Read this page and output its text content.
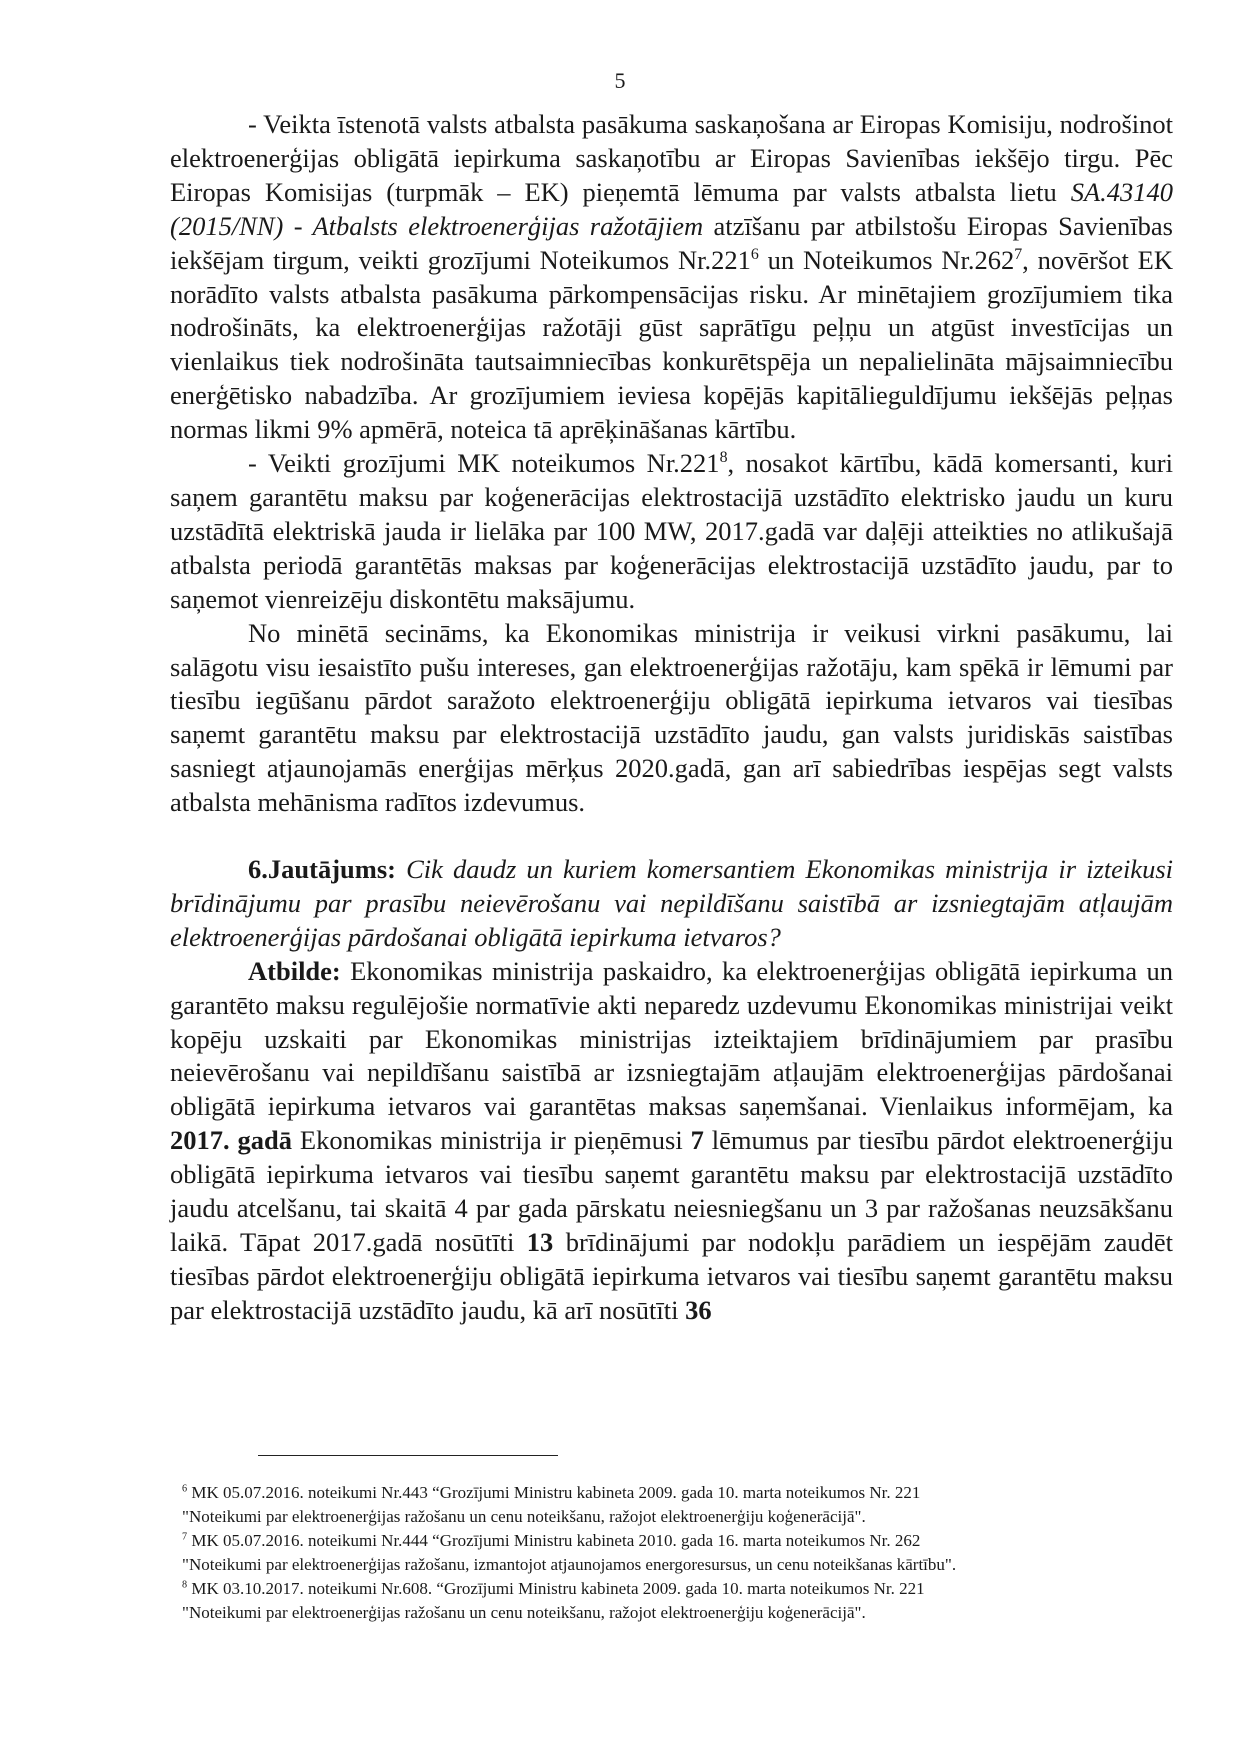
5

- Veikta īstenotā valsts atbalsta pasākuma saskaņošana ar Eiropas Komisiju, nodrošinot elektroenerģijas obligātā iepirkuma saskaņotību ar Eiropas Savienības iekšējo tirgu. Pēc Eiropas Komisijas (turpmāk – EK) pieņemtā lēmuma par valsts atbalsta lietu SA.43140 (2015/NN) - Atbalsts elektroenerģijas ražotājiem atzīšanu par atbilstošu Eiropas Savienības iekšējam tirgum, veikti grozījumi Noteikumos Nr.221$^6$ un Noteikumos Nr.262$^7$, novēršot EK norādīto valsts atbalsta pasākuma pārkompensācijas risku. Ar minētajiem grozījumiem tika nodrošināts, ka elektroenerģijas ražotāji gūst saprātīgu peļņu un atgūst investīcijas un vienlaikus tiek nodrošināta tautsaimniecības konkurētspēja un nepalielināta mājsaimniecību enerģētisko nabadzība. Ar grozījumiem ieviesa kopējās kapitālieguldījumu iekšējās peļņas normas likmi 9% apmērā, noteica tā aprēķināšanas kārtību.

- Veikti grozījumi MK noteikumos Nr.221$^8$, nosakot kārtību, kādā komersanti, kuri saņem garantētu maksu par koģenerācijas elektrostacijā uzstādīto elektrisko jaudu un kuru uzstādītā elektriskā jauda ir lielāka par 100 MW, 2017.gadā var daļēji atteikties no atlikušajā atbalsta periodā garantētās maksas par koģenerācijas elektrostacijā uzstādīto jaudu, par to saņemot vienreizēju diskontētu maksājumu.

No minētā secināms, ka Ekonomikas ministrija ir veikusi virkni pasākumu, lai salāgotu visu iesaistīto pušu intereses, gan elektroenerģijas ražotāju, kam spēkā ir lēmumi par tiesību iegūšanu pārdot saražoto elektroenerģiju obligātā iepirkuma ietvaros vai tiesības saņemt garantētu maksu par elektrostacijā uzstādīto jaudu, gan valsts juridiskās saistības sasniegt atjaunojamās enerģijas mērķus 2020.gadā, gan arī sabiedrības iespējas segt valsts atbalsta mehānisma radītos izdevumus.

6.Jautājums: Cik daudz un kuriem komersantiem Ekonomikas ministrija ir izteikusi brīdinājumu par prasību neievērošanu vai nepildīšanu saistībā ar izsniegtajām atļaujām elektroenerģijas pārdošanai obligātā iepirkuma ietvaros?

Atbilde: Ekonomikas ministrija paskaidro, ka elektroenerģijas obligātā iepirkuma un garantēto maksu regulējošie normatīvie akti neparedz uzdevumu Ekonomikas ministrijai veikt kopēju uzskaiti par Ekonomikas ministrijas izteiktajiem brīdinājumiem par prasību neievērošanu vai nepildīšanu saistībā ar izsniegtajām atļaujām elektroenerģijas pārdošanai obligātā iepirkuma ietvaros vai garantētas maksas saņemšanai. Vienlaikus informējam, ka 2017. gadā Ekonomikas ministrija ir pieņēmusi 7 lēmumus par tiesību pārdot elektroenerģiju obligātā iepirkuma ietvaros vai tiesību saņemt garantētu maksu par elektrostacijā uzstādīto jaudu atcelšanu, tai skaitā 4 par gada pārskatu neiesniegšanu un 3 par ražošanas neuzsākšanu laikā. Tāpat 2017.gadā nosūtīti 13 brīdinājumi par nodokļu parādiem un iespējām zaudēt tiesības pārdot elektroenerģiju obligātā iepirkuma ietvaros vai tiesību saņemt garantētu maksu par elektrostacijā uzstādīto jaudu, kā arī nosūtīti 36

$^6$ MK 05.07.2016. noteikumi Nr.443 “Grozījumi Ministru kabineta 2009. gada 10. marta noteikumos Nr. 221
"Noteikumi par elektroenerģijas ražošanu un cenu noteikšanu, ražojot elektroenerģiju koģenerācijā".

$^7$ MK 05.07.2016. noteikumi Nr.444 “Grozījumi Ministru kabineta 2010. gada 16. marta noteikumos Nr. 262
"Noteikumi par elektroenerģijas ražošanu, izmantojot atjaunojamos energoresursus, un cenu noteikšanas kārtību".

$^8$ MK 03.10.2017. noteikumi Nr.608. “Grozījumi Ministru kabineta 2009. gada 10. marta noteikumos Nr. 221
"Noteikumi par elektroenerģijas ražošanu un cenu noteikšanu, ražojot elektroenerģiju koģenerācijā".
